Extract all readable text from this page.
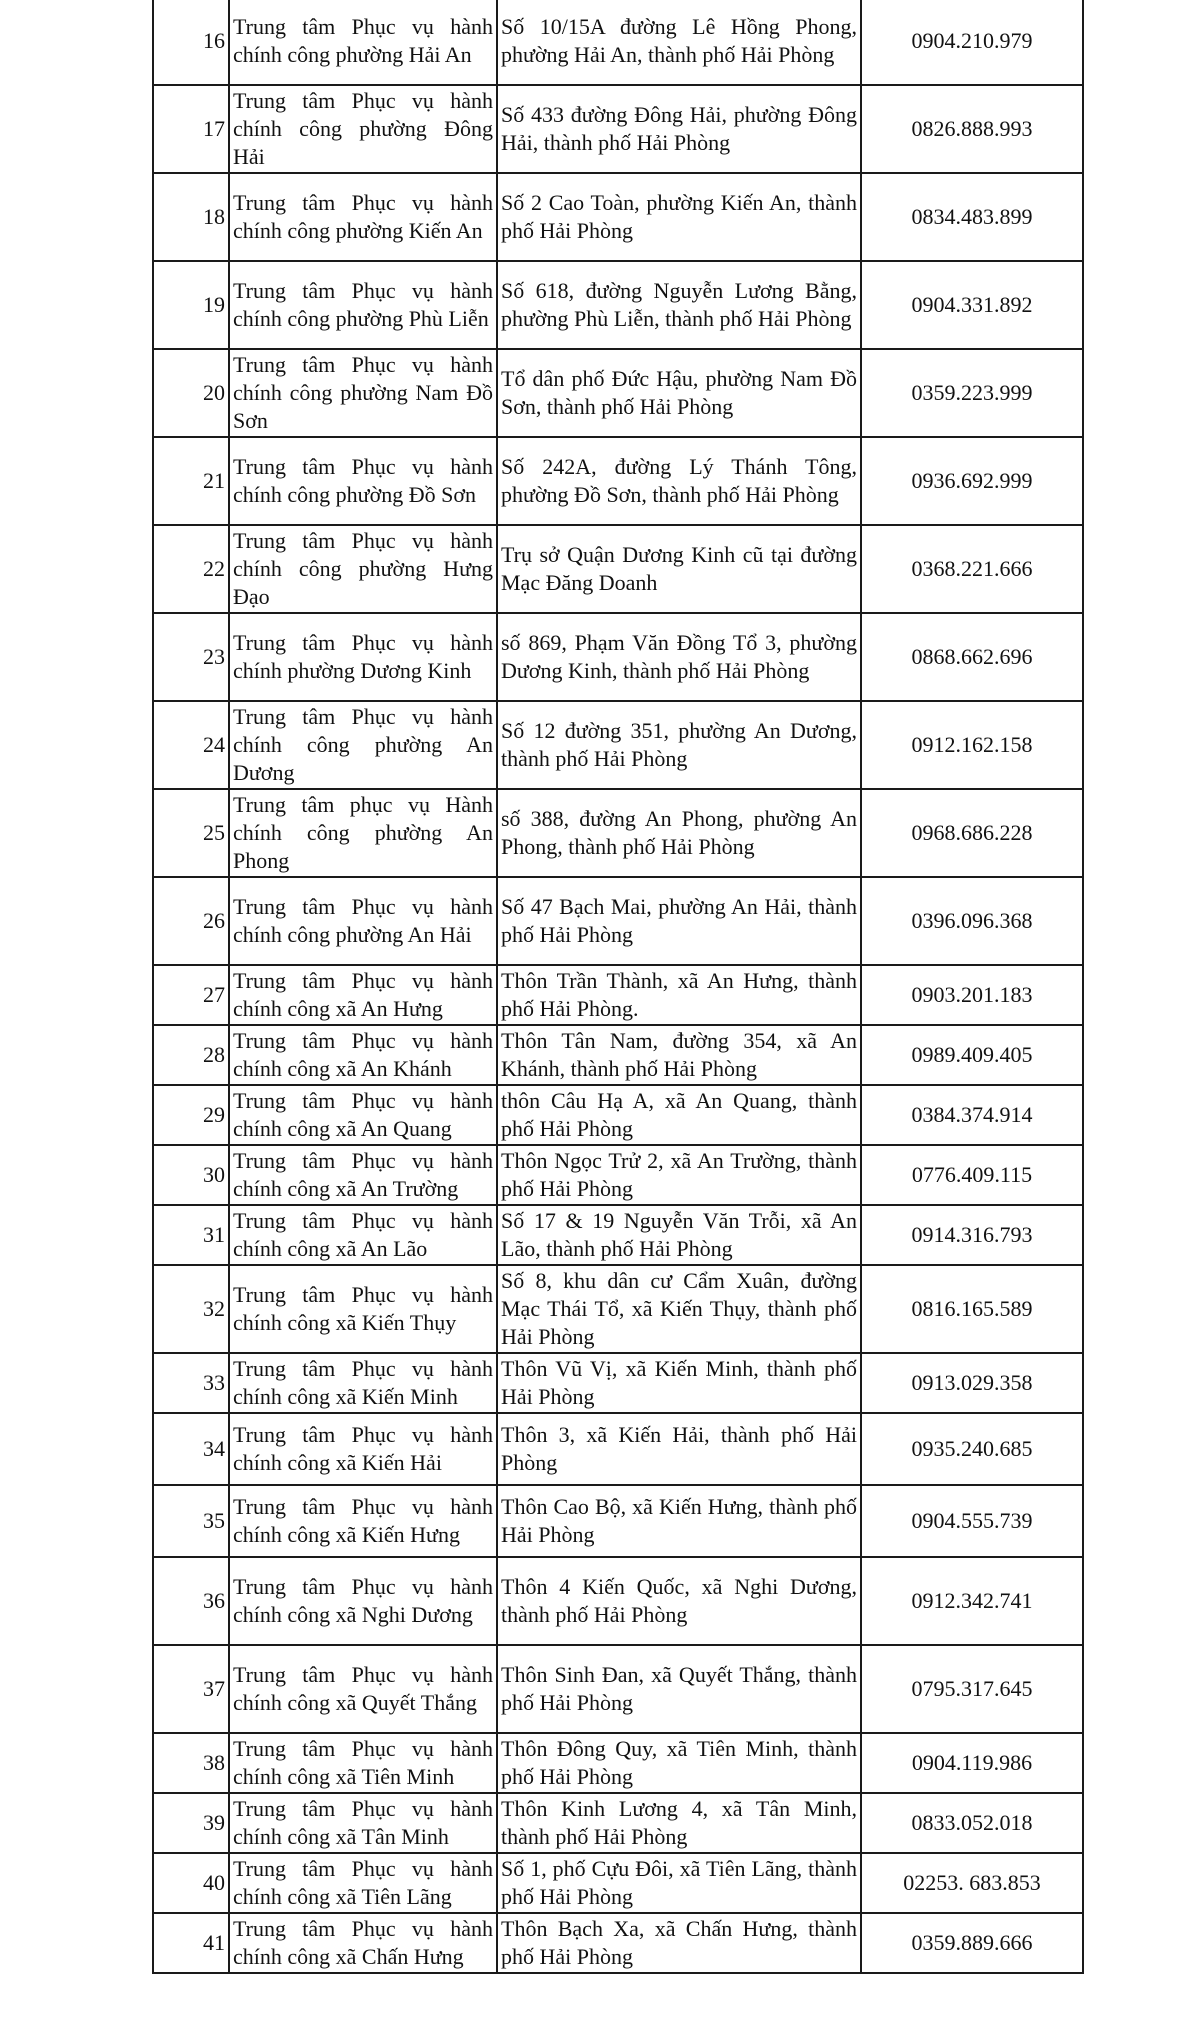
16	Trung tâm Phục vụ hành chính công phường Hải An	Số 10/15A đường Lê Hồng Phong, phường Hải An, thành phố Hải Phòng	0904.210.979
17	Trung tâm Phục vụ hành chính công phường Đông Hải	Số 433 đường Đông Hải, phường Đông Hải, thành phố Hải Phòng	0826.888.993
18	Trung tâm Phục vụ hành chính công phường Kiến An	Số 2 Cao Toàn, phường Kiến An, thành phố Hải Phòng	0834.483.899
19	Trung tâm Phục vụ hành chính công phường Phù Liễn	Số 618, đường Nguyễn Lương Bằng, phường Phù Liễn, thành phố Hải Phòng	0904.331.892
20	Trung tâm Phục vụ hành chính công phường Nam Đồ Sơn	Tổ dân phố Đức Hậu, phường Nam Đồ Sơn, thành phố Hải Phòng	0359.223.999
21	Trung tâm Phục vụ hành chính công phường Đồ Sơn	Số 242A, đường Lý Thánh Tông, phường Đồ Sơn, thành phố Hải Phòng	0936.692.999
22	Trung tâm Phục vụ hành chính công phường Hưng Đạo	Trụ sở Quận Dương Kinh cũ tại đường Mạc Đăng Doanh	0368.221.666
23	Trung tâm Phục vụ hành chính phường Dương Kinh	số 869, Phạm Văn Đồng Tổ 3, phường Dương Kinh, thành phố Hải Phòng	0868.662.696
24	Trung tâm Phục vụ hành chính công phường An Dương	Số 12 đường 351, phường An Dương, thành phố Hải Phòng	0912.162.158
25	Trung tâm phục vụ Hành chính công phường An Phong	số 388, đường An Phong, phường An Phong, thành phố Hải Phòng	0968.686.228
26	Trung tâm Phục vụ hành chính công phường An Hải	Số 47 Bạch Mai, phường An Hải, thành phố Hải Phòng	0396.096.368
27	Trung tâm Phục vụ hành chính công xã An Hưng	Thôn Trần Thành, xã An Hưng, thành phố Hải Phòng.	0903.201.183
28	Trung tâm Phục vụ hành chính công xã An Khánh	Thôn Tân Nam, đường 354, xã An Khánh, thành phố Hải Phòng	0989.409.405
29	Trung tâm Phục vụ hành chính công xã An Quang	thôn Câu Hạ A, xã An Quang, thành phố Hải Phòng	0384.374.914
30	Trung tâm Phục vụ hành chính công xã An Trường	Thôn Ngọc Trử 2, xã An Trường, thành phố Hải Phòng	0776.409.115
31	Trung tâm Phục vụ hành chính công xã An Lão	Số 17 & 19 Nguyễn Văn Trỗi, xã An Lão, thành phố Hải Phòng	0914.316.793
32	Trung tâm Phục vụ hành chính công xã Kiến Thụy	Số 8, khu dân cư Cẩm Xuân, đường Mạc Thái Tổ, xã Kiến Thụy, thành phố Hải Phòng	0816.165.589
33	Trung tâm Phục vụ hành chính công xã Kiến Minh	Thôn Vũ Vị, xã Kiến Minh, thành phố Hải Phòng	0913.029.358
34	Trung tâm Phục vụ hành chính công xã Kiến Hải	Thôn 3, xã Kiến Hải, thành phố Hải Phòng	0935.240.685
35	Trung tâm Phục vụ hành chính công xã Kiến Hưng	Thôn Cao Bộ, xã Kiến Hưng, thành phố Hải Phòng	0904.555.739
36	Trung tâm Phục vụ hành chính công xã Nghi Dương	Thôn 4 Kiến Quốc, xã Nghi Dương, thành phố Hải Phòng	0912.342.741
37	Trung tâm Phục vụ hành chính công xã Quyết Thắng	Thôn Sinh Đan, xã Quyết Thắng, thành phố Hải Phòng	0795.317.645
38	Trung tâm Phục vụ hành chính công xã Tiên Minh	Thôn Đông Quy, xã Tiên Minh, thành phố Hải Phòng	0904.119.986
39	Trung tâm Phục vụ hành chính công xã Tân Minh	Thôn Kinh Lương 4, xã Tân Minh, thành phố Hải Phòng	0833.052.018
40	Trung tâm Phục vụ hành chính công xã Tiên Lãng	Số 1, phố Cựu Đôi, xã Tiên Lãng, thành phố Hải Phòng	02253. 683.853
41	Trung tâm Phục vụ hành chính công xã Chấn Hưng	Thôn Bạch Xa, xã Chấn Hưng, thành phố Hải Phòng	0359.889.666
